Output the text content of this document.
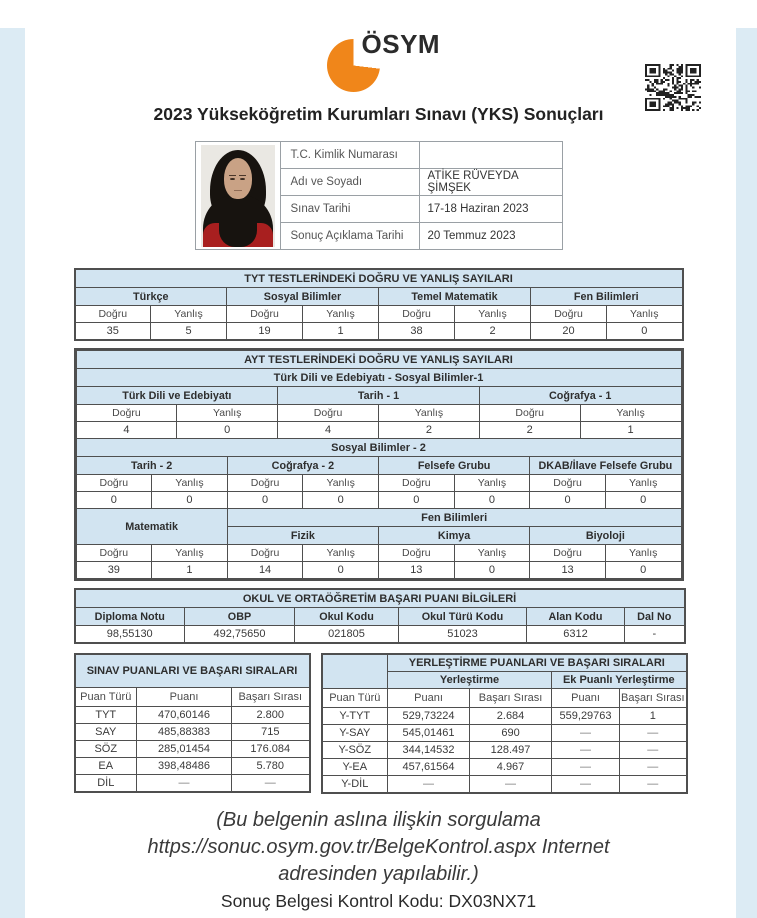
ÖSYM
2023 Yükseköğretim Kurumları Sınavı (YKS) Sonuçları
	T.C. Kimlik Numarası	
	Adı ve Soyadı	ATİKE RÜVEYDA ŞİMŞEK
	Sınav Tarihi	17-18 Haziran 2023
	Sonuç Açıklama Tarihi	20 Temmuz 2023
TYT TESTLERİNDEKİ DOĞRU VE YANLIŞ SAYILARI							
Türkçe		Sosyal Bilimler		Temel Matematik		Fen Bilimleri	
Doğru	Yanlış	Doğru	Yanlış	Doğru	Yanlış	Doğru	Yanlış
35	5	19	1	38	2	20	0
AYT TESTLERİNDEKİ DOĞRU VE YANLIŞ SAYILARI
Türk Dili ve Edebiyatı - Sosyal Bilimler-1					
Türk Dili ve Edebiyatı		Tarih - 1		Coğrafya - 1	
Doğru	Yanlış	Doğru	Yanlış	Doğru	Yanlış
4	0	4	2	2	1
Sosyal Bilimler - 2							
Tarih - 2		Coğrafya - 2		Felsefe Grubu		DKAB/İlave Felsefe Grubu	
Doğru	Yanlış	Doğru	Yanlış	Doğru	Yanlış	Doğru	Yanlış
0	0	0	0	0	0	0	0
Matematik		Fen Bilimleri					
		Fizik		Kimya		Biyoloji	
Doğru	Yanlış	Doğru	Yanlış	Doğru	Yanlış	Doğru	Yanlış
39	1	14	0	13	0	13	0
OKUL VE ORTAÖĞRETİM BAŞARI PUANI BİLGİLERİ					
Diploma Notu	OBP	Okul Kodu	Okul Türü Kodu	Alan Kodu	Dal No
98,55130	492,75650	021805	51023	6312	-
SINAV PUANLARI VE BAŞARI SIRALARI		
Puan Türü	Puanı	Başarı Sırası
TYT	470,60146	2.800
SAY	485,88383	715
SÖZ	285,01454	176.084
EA	398,48486	5.780
DİL	—	—
	YERLEŞTİRME PUANLARI VE BAŞARI SIRALARI			
	Yerleştirme		Ek Puanlı Yerleştirme	
Puan Türü	Puanı	Başarı Sırası	Puanı	Başarı Sırası
Y-TYT	529,73224	2.684	559,29763	1
Y-SAY	545,01461	690	—	—
Y-SÖZ	344,14532	128.497	—	—
Y-EA	457,61564	4.967	—	—
Y-DİL	—	—	—	—
(Bu belgenin aslına ilişkin sorgulama
https://sonuc.osym.gov.tr/BelgeKontrol.aspx Internet
adresinden yapılabilir.)
Sonuç Belgesi Kontrol Kodu: DX03NX71
